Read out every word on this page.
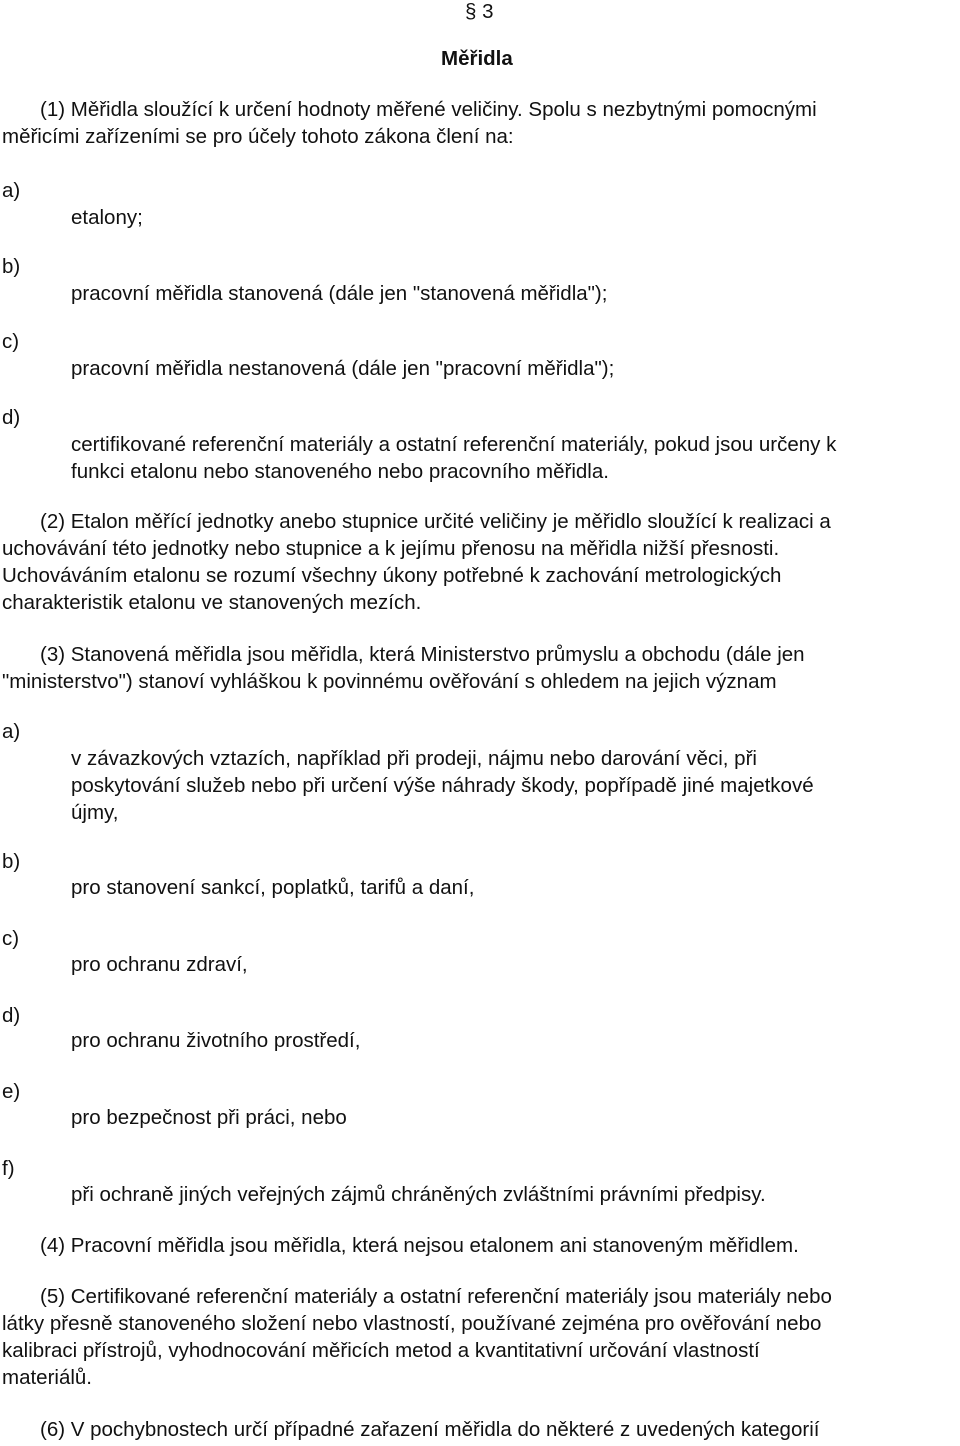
§ 3
Měřidla
(1) Měřidla sloužící k určení hodnoty měřené veličiny. Spolu s nezbytnými pomocnými
měřicími zařízeními se pro účely tohoto zákona člení na:
a)
etalony;
b)
pracovní měřidla stanovená (dále jen "stanovená měřidla");
c)
pracovní měřidla nestanovená (dále jen "pracovní měřidla");
d)
certifikované referenční materiály a ostatní referenční materiály, pokud jsou určeny k
funkci etalonu nebo stanoveného nebo pracovního měřidla.
(2) Etalon měřící jednotky anebo stupnice určité veličiny je měřidlo sloužící k realizaci a
uchovávání této jednotky nebo stupnice a k jejímu přenosu na měřidla nižší přesnosti.
Uchováváním etalonu se rozumí všechny úkony potřebné k zachování metrologických
charakteristik etalonu ve stanovených mezích.
(3) Stanovená měřidla jsou měřidla, která Ministerstvo průmyslu a obchodu (dále jen
"ministerstvo") stanoví vyhláškou k povinnému ověřování s ohledem na jejich význam
a)
v závazkových vztazích, například při prodeji, nájmu nebo darování věci, při
poskytování služeb nebo při určení výše náhrady škody, popřípadě jiné majetkové
újmy,
b)
pro stanovení sankcí, poplatků, tarifů a daní,
c)
pro ochranu zdraví,
d)
pro ochranu životního prostředí,
e)
pro bezpečnost při práci, nebo
f)
při ochraně jiných veřejných zájmů chráněných zvláštními právními předpisy.
(4) Pracovní měřidla jsou měřidla, která nejsou etalonem ani stanoveným měřidlem.
(5) Certifikované referenční materiály a ostatní referenční materiály jsou materiály nebo
látky přesně stanoveného složení nebo vlastností, používané zejména pro ověřování nebo
kalibraci přístrojů, vyhodnocování měřicích metod a kvantitativní určování vlastností
materiálů.
(6) V pochybnostech určí případné zařazení měřidla do některé z uvedených kategorií
